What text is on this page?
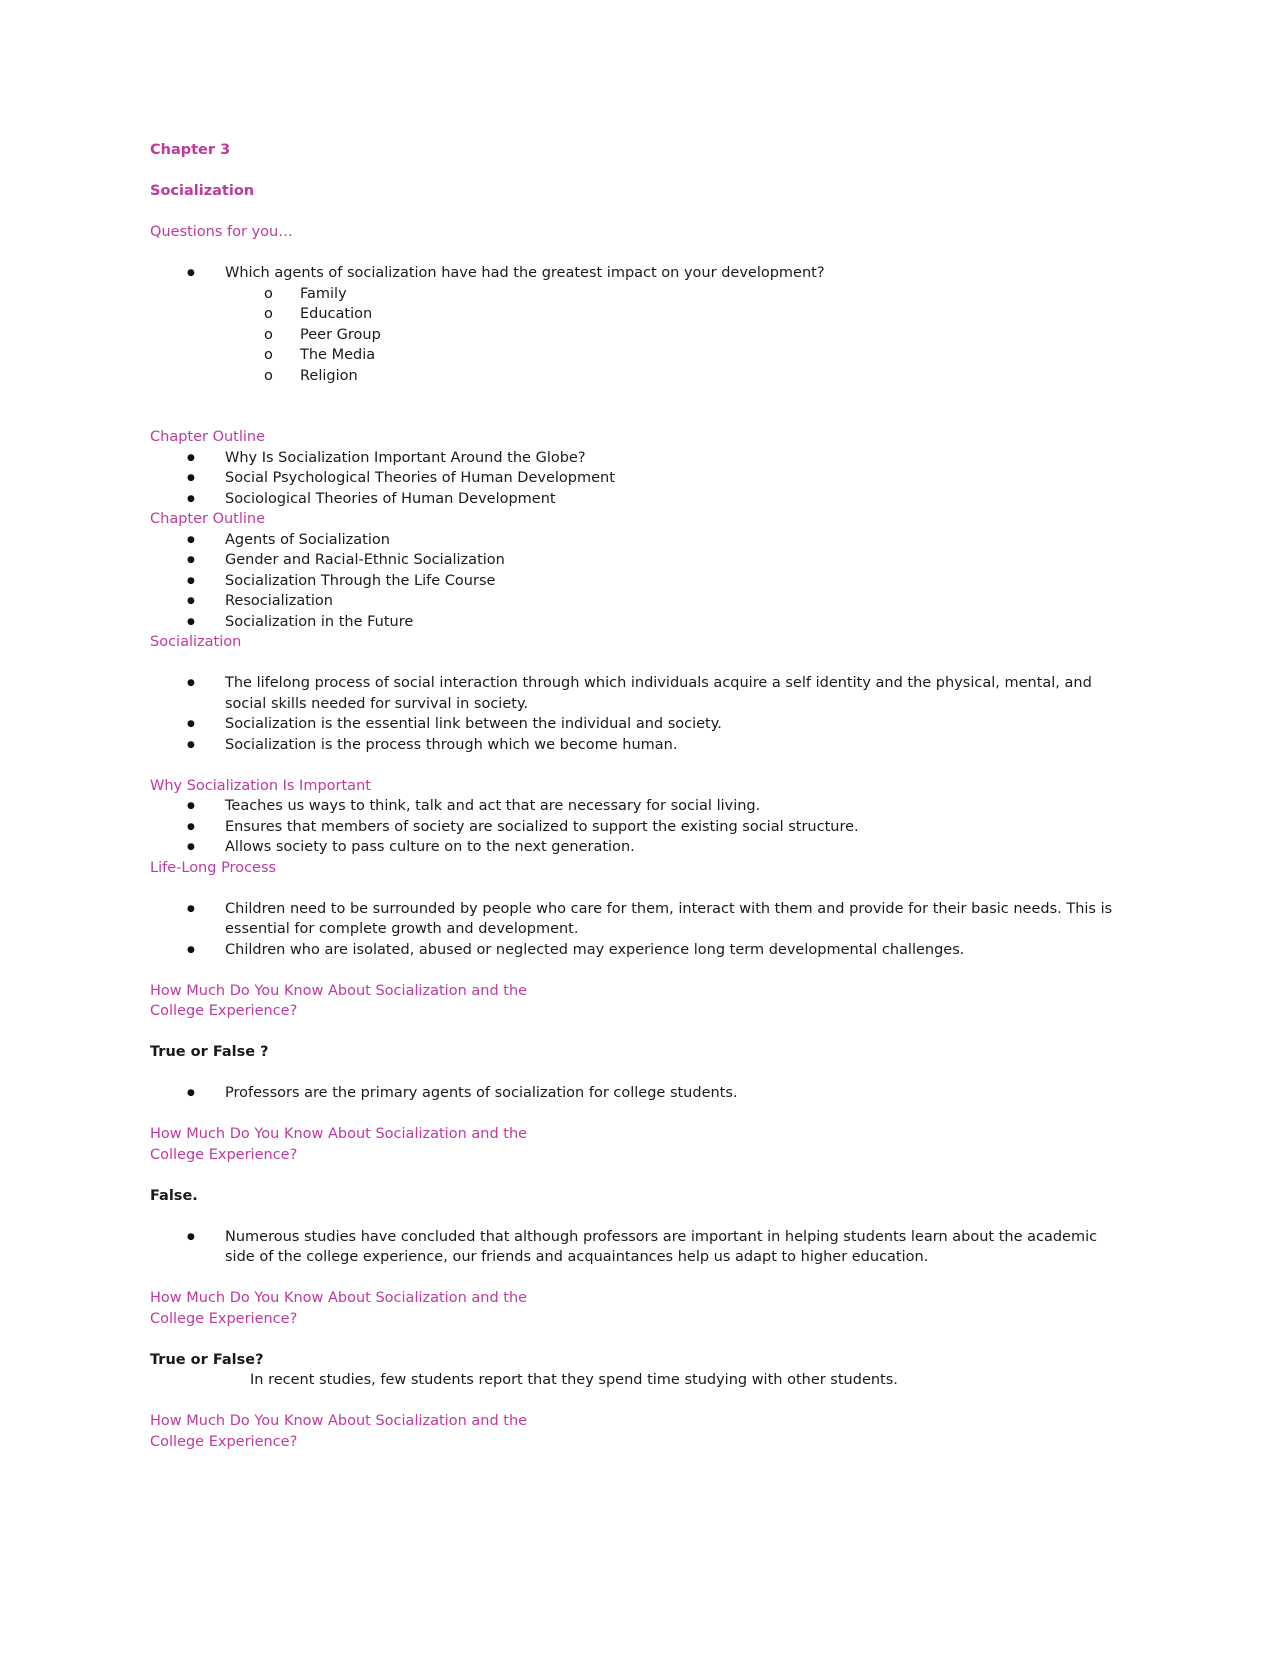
Chapter 3

Socialization

Questions for you…

● Which agents of socialization have had the greatest impact on your development?
o Family
o Education
o Peer Group
o The Media
o Religion

Chapter Outline

● Why Is Socialization Important Around the Globe?
● Social Psychological Theories of Human Development
● Sociological Theories of Human Development

Chapter Outline

● Agents of Socialization
● Gender and Racial-Ethnic Socialization
● Socialization Through the Life Course
● Resocialization
● Socialization in the Future

Socialization

● The lifelong process of social interaction through which individuals acquire a self identity and the physical, mental, and social skills needed for survival in society.
● Socialization is the essential link between the individual and society.
● Socialization is the process through which we become human.

Why Socialization Is Important

● Teaches us ways to think, talk and act that are necessary for social living.
● Ensures that members of society are socialized to support the existing social structure.
● Allows society to pass culture on to the next generation.

Life-Long Process

● Children need to be surrounded by people who care for them, interact with them and provide for their basic needs. This is essential for complete growth and development.
● Children who are isolated, abused or neglected may experience long term developmental challenges.

How Much Do You Know About Socialization and the

College Experience?

True or False ?

● Professors are the primary agents of socialization for college students.

How Much Do You Know About Socialization and the

College Experience?

False.

● Numerous studies have concluded that although professors are important in helping students learn about the academic side of the college experience, our friends and acquaintances help us adapt to higher education.

How Much Do You Know About Socialization and the

College Experience?

True or False?

In recent studies, few students report that they spend time studying with other students.

How Much Do You Know About Socialization and the

College Experience?
